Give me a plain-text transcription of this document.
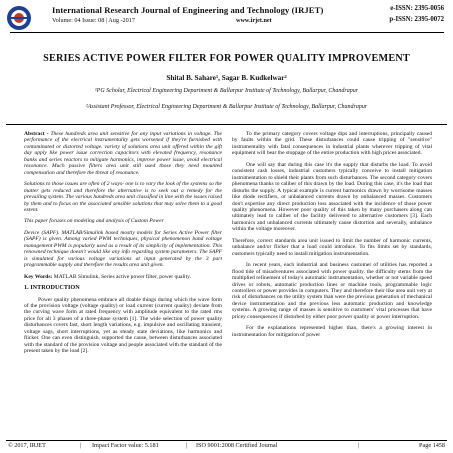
International Research Journal of Engineering and Technology (IRJET)
Volume: 04 Issue: 08 | Aug -2017	www.irjet.net
e-ISSN: 2395-0056
p-ISSN: 2395-0072
SERIES ACTIVE POWER FILTER FOR POWER QUALITY IMPROVEMENT
Shital B. Sahare¹, Sagar B. Kudkelwar²
¹PG Scholar, Electrical Engineering Department & Ballarpur Institute of Technology, Ballarpur, Chandrapur
²Assistant Professor, Electrical Engineering Department & Ballarpur Institute of Technology, Ballarpur, Chandrapur

Abstract - These hundreds area unit sensitive for any input variations in voltage. The performance of the electrical instrumentality gets worsened if they're furnished with contaminated or distorted voltage. variety of solutions area unit offered within the gift day apply like power issue correction capacitors with elevated frequency, resonance banks and series reactors to mitigate harmonics, improve power issue, avoid electrical resonance. Much passive filters area unit still used those they need mounted compensation and therefore the threat of resonance.

Solutions to those issues are often of 2 ways- one is to vary the look of the systems so the matter gets reduced and therefore the alternative is to seek out a remedy for the prevailing system. The various hundreds area unit classified in line with the issues raised by them and to focus on the associated sensible solutions that may solve them to a good extent.

This paper focuses on modeling and analysis of Custom Power

Device (SAPF). MATLAB/Simulink based mostly models for Series Active Power filter (SAPF) is given. Among varied PWM techniques, physical phenomenon band voltage management PWM is popularly used as a result of its simplicity of implementation. This renowned technique doesn't would like any info regarding system parameters. The SAPF is simulated for various voltage variations at input generated by the 3 part programmable supply and therefore the results area unit given.

Key Words: MATLAB Simulink, Series active power filter, power quality.

1. INTRODUCTION

Power quality phenomena embrace all doable things during which the wave form of the provision voltage (voltage quality) or load current (current quality) deviate from the curving wave form at rated frequency with amplitude equivalent to the rated rms price for all 3 phases of a three-phase system [1]. The wide selection of power quality disturbances covers fast, short length variations, e.g. impulsive and oscillating transient, voltage sags, short interruptions, yet as steady state deviations, like harmonics and flicker. One can even distinguish, supported the cause, between disturbances associated with the standard of the provision voltage and people associated with the standard of the present taken by the load [2].

To the primary category covers voltage dips and interruptions, principally caused by faults within the grid. These disturbances could cause tripping of "sensitive" instrumentality with fatal consequences in industrial plants wherever tripping of vital equipment will bear the stoppage of the entire production with high prices associated.

One will say that during this case it's the supply that disturbs the load. To avoid consistent cash losses, industrial customers typically conceive to install mitigation instrumentation to shield their plants from such disturbances. The second category covers phenomena thanks to caliber of this drawn by the load. During this case, it's the load that disturbs the supply. A typical example is current harmonics drawn by worrisome masses like diode rectifiers, or unbalanced currents drawn by unbalanced masses. Customers don't expertise any direct production loss associated with the incidence of those power quality phenomena. However poor quality of this taken by many purchasers along can ultimately lead to caliber of the facility delivered to alternative customers [3]. Each harmonics and unbalanced currents ultimately cause distortion and severally, unbalance within the voltage moreover.

Therefore, correct standards area unit issued to limit the number of harmonic currents, unbalance and/or flicker that a load could introduce. To fits limits set by standards, customers typically need to install mitigation instrumentation.

In recent years, each industrial and business customer of utilities has reported a flood tide of misadventures associated with power quality. the difficulty stems from the multiplied refinement of today's automatic instrumentation, whether or not variable speed drives or robots, automatic production lines or machine tools, programmable logic controllers or power provides in computers. They and therefore their like area unit very at risk of disturbances on the utility system than were the previous generation of mechanical device instrumentation and the previous less automatic production and knowledge systems. A growing range of masses is sensitive to customers' vital processes that have pricey consequences if disturbed by either poor power quality or power interruption.

For the explanations represented higher than, there's a growing interest in instrumentation for mitigation of power

© 2017, IRJET	| Impact Factor value: 5.181	| ISO 9001:2008 Certified Journal	|	Page 1458
